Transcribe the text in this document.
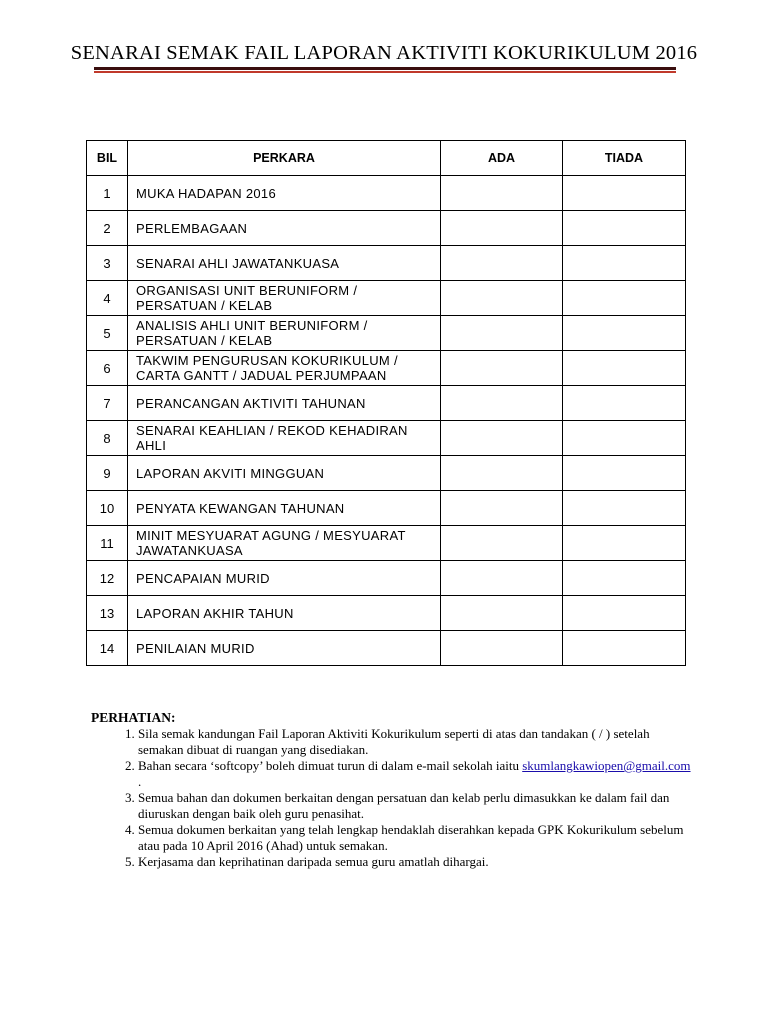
SENARAI SEMAK FAIL LAPORAN AKTIVITI KOKURIKULUM 2016
BIL	PERKARA	ADA	TIADA
1	MUKA HADAPAN 2016		
2	PERLEMBAGAAN		
3	SENARAI AHLI JAWATANKUASA		
4	ORGANISASI UNIT BERUNIFORM / PERSATUAN / KELAB		
5	ANALISIS AHLI UNIT BERUNIFORM / PERSATUAN / KELAB		
6	TAKWIM PENGURUSAN KOKURIKULUM / CARTA GANTT / JADUAL PERJUMPAAN		
7	PERANCANGAN AKTIVITI TAHUNAN		
8	SENARAI KEAHLIAN / REKOD KEHADIRAN AHLI		
9	LAPORAN AKVITI MINGGUAN		
10	PENYATA KEWANGAN TAHUNAN		
11	MINIT MESYUARAT AGUNG / MESYUARAT JAWATANKUASA		
12	PENCAPAIAN MURID		
13	LAPORAN AKHIR TAHUN		
14	PENILAIAN MURID		
PERHATIAN:
1. Sila semak kandungan Fail Laporan Aktiviti Kokurikulum seperti di atas dan tandakan ( / ) setelah semakan dibuat di ruangan yang disediakan.
2. Bahan secara ‘softcopy’ boleh dimuat turun di dalam e-mail sekolah iaitu skumlangkawiopen@gmail.com .
3. Semua bahan dan dokumen berkaitan dengan persatuan dan kelab perlu dimasukkan ke dalam fail dan diuruskan dengan baik oleh guru penasihat.
4. Semua dokumen berkaitan yang telah lengkap hendaklah diserahkan kepada GPK Kokurikulum sebelum atau pada 10 April 2016 (Ahad) untuk semakan.
5. Kerjasama dan keprihatinan daripada semua guru amatlah dihargai.
